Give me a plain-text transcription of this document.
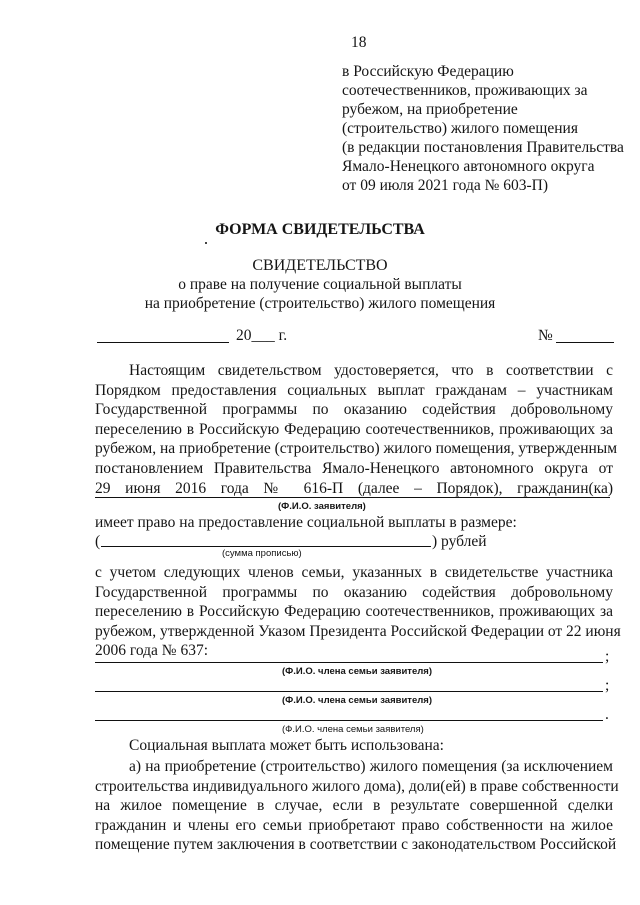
18
в Российскую Федерацию
соотечественников, проживающих за
рубежом, на приобретение
(строительство) жилого помещения
(в редакции постановления Правительства
Ямало-Ненецкого автономного округа
от 09 июля 2021 года № 603-П)
ФОРМА СВИДЕТЕЛЬСТВА
СВИДЕТЕЛЬСТВО
о праве на получение социальной выплаты
на приобретение (строительство) жилого помещения
20___ г.	№
Настоящим свидетельством удостоверяется, что в соответствии с
Порядком предоставления социальных выплат гражданам – участникам
Государственной программы по оказанию содействия добровольному
переселению в Российскую Федерацию соотечественников, проживающих за
рубежом, на приобретение (строительство) жилого помещения, утвержденным
постановлением Правительства Ямало-Ненецкого автономного округа от
29 июня 2016 года № 616-П (далее – Порядок), гражданин(ка)
(Ф.И.О. заявителя)
имеет право на предоставление социальной выплаты в размере:
(	) рублей
(сумма прописью)
с учетом следующих членов семьи, указанных в свидетельстве участника
Государственной программы по оказанию содействия добровольному
переселению в Российскую Федерацию соотечественников, проживающих за
рубежом, утвержденной Указом Президента Российской Федерации от 22 июня
2006 года № 637:	;
(Ф.И.О. члена семьи заявителя)
;
(Ф.И.О. члена семьи заявителя)
.
(Ф.И.О. члена семьи заявителя)
Социальная выплата может быть использована:
а) на приобретение (строительство) жилого помещения (за исключением
строительства индивидуального жилого дома), доли(ей) в праве собственности
на жилое помещение в случае, если в результате совершенной сделки
гражданин и члены его семьи приобретают право собственности на жилое
помещение путем заключения в соответствии с законодательством Российской
